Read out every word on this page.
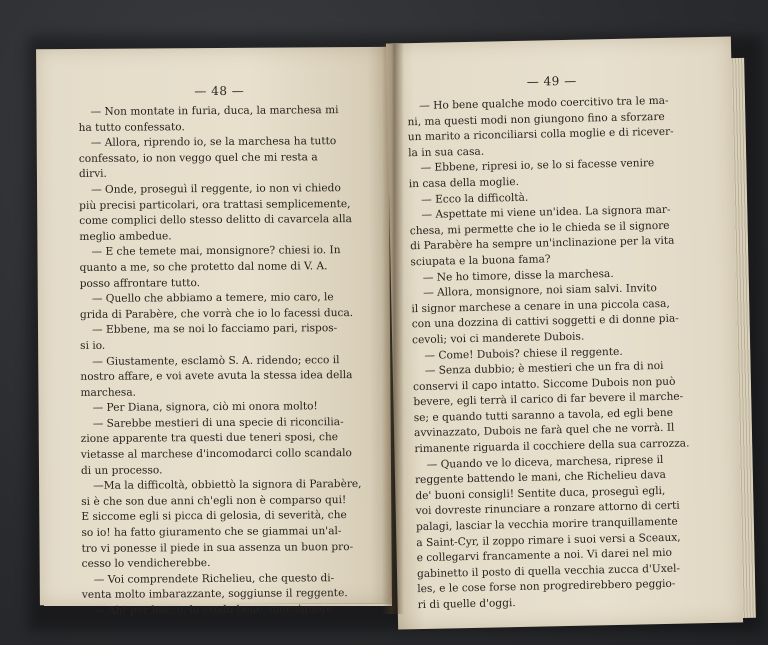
— 48 —
— Non montate in furia, duca, la marchesa mi
ha tutto confessato.
— Allora, riprendo io, se la marchesa ha tutto
confessato, io non veggo quel che mi resta a
dirvi.
— Onde, proseguì il reggente, io non vi chiedo
più precisi particolari, ora trattasi semplicemente,
come complici dello stesso delitto di cavarcela alla
meglio ambedue.
— E che temete mai, monsignore? chiesi io. In
quanto a me, so che protetto dal nome di V. A.
posso affrontare tutto.
— Quello che abbiamo a temere, mio caro, le
grida di Parabère, che vorrà che io lo facessi duca.
— Ebbene, ma se noi lo facciamo pari, rispos-
si io.
— Giustamente, esclamò S. A. ridendo; ecco il
nostro affare, e voi avete avuta la stessa idea della
marchesa.
— Per Diana, signora, ciò mi onora molto!
— Sarebbe mestieri di una specie di riconcilia-
zione apparente tra questi due teneri sposi, che
vietasse al marchese d'incomodarci collo scandalo
di un processo.
—Ma la difficoltà, obbiettò la signora di Parabère,
si è che son due anni ch'egli non è comparso qui!
E siccome egli si picca di gelosia, di severità, che
so io! ha fatto giuramento che se giammai un'al-
tro vi ponesse il piede in sua assenza un buon pro-
cesso lo vendicherebbe.
— Voi comprendete Richelieu, che questo di-
venta molto imbarazzante, soggiunse il reggente.
— Ah! per bacco, lo credo bene, monsignore.
— 49 —
— Ho bene qualche modo coercitivo tra le ma-
ni, ma questi modi non giungono fino a sforzare
un marito a riconciliarsi colla moglie e di ricever-
la in sua casa.
— Ebbene, ripresi io, se lo si facesse venire
in casa della moglie.
— Ecco la difficoltà.
— Aspettate mi viene un'idea. La signora mar-
chesa, mi permette che io le chieda se il signore
di Parabère ha sempre un'inclinazione per la vita
sciupata e la buona fama?
— Ne ho timore, disse la marchesa.
— Allora, monsignore, noi siam salvi. Invito
il signor marchese a cenare in una piccola casa,
con una dozzina di cattivi soggetti e di donne pia-
cevoli; voi ci manderete Dubois.
— Come! Dubois? chiese il reggente.
— Senza dubbio; è mestieri che un fra di noi
conservi il capo intatto. Siccome Dubois non può
bevere, egli terrà il carico di far bevere il marche-
se; e quando tutti saranno a tavola, ed egli bene
avvinazzato, Dubois ne farà quel che ne vorrà. Il
rimanente riguarda il cocchiere della sua carrozza.
— Quando ve lo diceva, marchesa, riprese il
reggente battendo le mani, che Richelieu dava
de' buoni consigli! Sentite duca, proseguì egli,
voi dovreste rinunciare a ronzare attorno di certi
palagi, lasciar la vecchia morire tranquillamente
a Saint-Cyr, il zoppo rimare i suoi versi a Sceaux,
e collegarvi francamente a noi. Vi darei nel mio
gabinetto il posto di quella vecchia zucca d'Uxel-
les, e le cose forse non progredirebbero peggio-
ri di quelle d'oggi.
